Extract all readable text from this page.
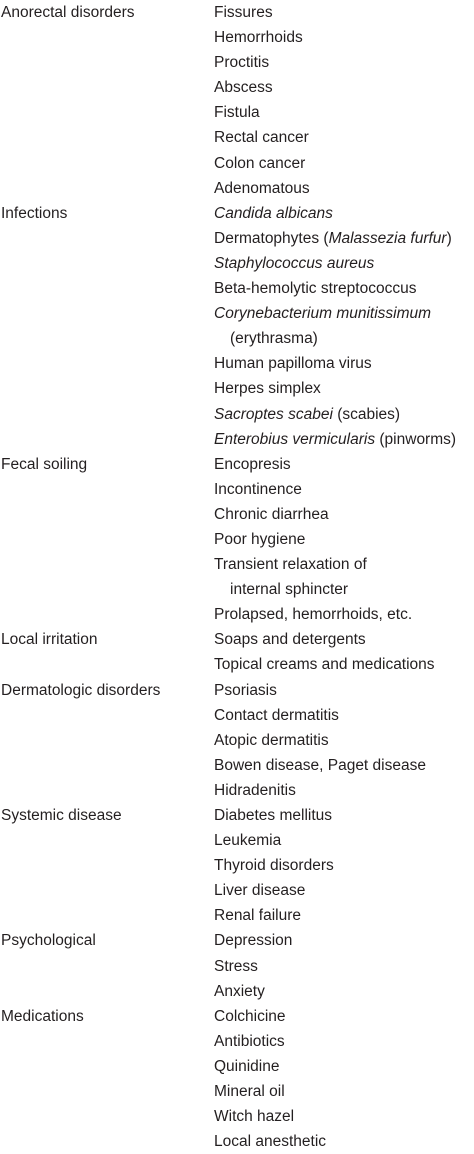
Anorectal disorders	Fissures
Hemorrhoids
Proctitis
Abscess
Fistula
Rectal cancer
Colon cancer
Adenomatous
Infections	Candida albicans
Dermatophytes (Malassezia furfur)
Staphylococcus aureus
Beta-hemolytic streptococcus
Corynebacterium munitissimum
(erythrasma)
Human papilloma virus
Herpes simplex
Sacroptes scabei (scabies)
Enterobius vermicularis (pinworms)
Fecal soiling	Encopresis
Incontinence
Chronic diarrhea
Poor hygiene
Transient relaxation of
internal sphincter
Prolapsed, hemorrhoids, etc.
Local irritation	Soaps and detergents
Topical creams and medications
Dermatologic disorders	Psoriasis
Contact dermatitis
Atopic dermatitis
Bowen disease, Paget disease
Hidradenitis
Systemic disease	Diabetes mellitus
Leukemia
Thyroid disorders
Liver disease
Renal failure
Psychological	Depression
Stress
Anxiety
Medications	Colchicine
Antibiotics
Quinidine
Mineral oil
Witch hazel
Local anesthetic
